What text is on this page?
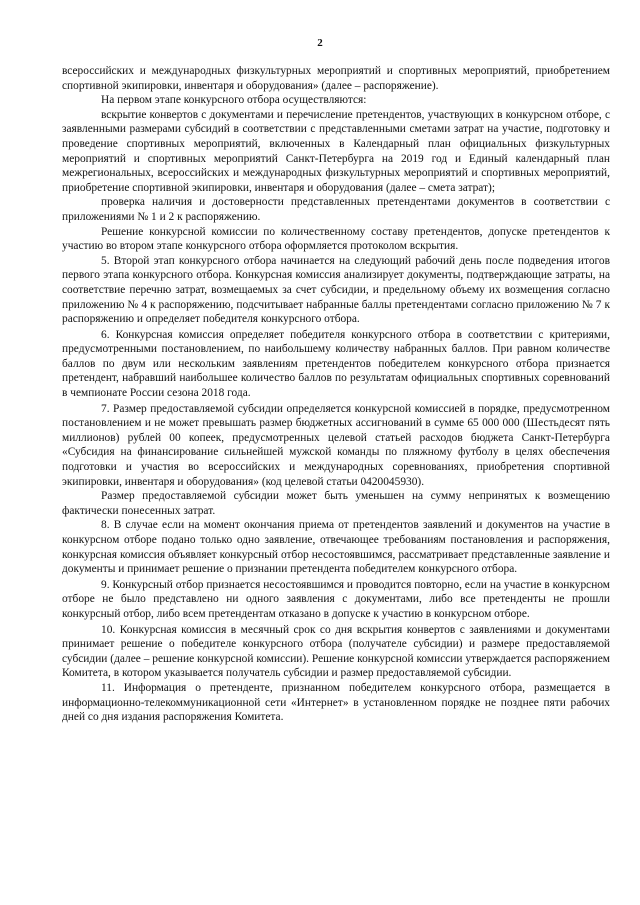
2

всероссийских и международных физкультурных мероприятий и спортивных мероприятий, приобретением спортивной экипировки, инвентаря и оборудования» (далее – распоряжение).

На первом этапе конкурсного отбора осуществляются:

вскрытие конвертов с документами и перечисление претендентов, участвующих в конкурсном отборе, с заявленными размерами субсидий в соответствии с представленными сметами затрат на участие, подготовку и проведение спортивных мероприятий, включенных в Календарный план официальных физкультурных мероприятий и спортивных мероприятий Санкт-Петербурга на 2019 год и Единый календарный план межрегиональных, всероссийских и международных физкультурных мероприятий и спортивных мероприятий, приобретение спортивной экипировки, инвентаря и оборудования (далее – смета затрат);

проверка наличия и достоверности представленных претендентами документов в соответствии с приложениями № 1 и 2 к распоряжению.

Решение конкурсной комиссии по количественному составу претендентов, допуске претендентов к участию во втором этапе конкурсного отбора оформляется протоколом вскрытия.

5. Второй этап конкурсного отбора начинается на следующий рабочий день после подведения итогов первого этапа конкурсного отбора. Конкурсная комиссия анализирует документы, подтверждающие затраты, на соответствие перечню затрат, возмещаемых за счет субсидии, и предельному объему их возмещения согласно приложению № 4 к распоряжению, подсчитывает набранные баллы претендентами согласно приложению № 7 к распоряжению и определяет победителя конкурсного отбора.

6. Конкурсная комиссия определяет победителя конкурсного отбора в соответствии с критериями, предусмотренными постановлением, по наибольшему количеству набранных баллов. При равном количестве баллов по двум или нескольким заявлениям претендентов победителем конкурсного отбора признается претендент, набравший наибольшее количество баллов по результатам официальных спортивных соревнований в чемпионате России сезона 2018 года.

7. Размер предоставляемой субсидии определяется конкурсной комиссией в порядке, предусмотренном постановлением и не может превышать размер бюджетных ассигнований в сумме 65 000 000 (Шестьдесят пять миллионов) рублей 00 копеек, предусмотренных целевой статьей расходов бюджета Санкт-Петербурга «Субсидия на финансирование сильнейшей мужской команды по пляжному футболу в целях обеспечения подготовки и участия во всероссийских и международных соревнованиях, приобретения спортивной экипировки, инвентаря и оборудования» (код целевой статьи 0420045930).

Размер предоставляемой субсидии может быть уменьшен на сумму непринятых к возмещению фактически понесенных затрат.

8. В случае если на момент окончания приема от претендентов заявлений и документов на участие в конкурсном отборе подано только одно заявление, отвечающее требованиям постановления и распоряжения, конкурсная комиссия объявляет конкурсный отбор несостоявшимся, рассматривает представленные заявление и документы и принимает решение о признании претендента победителем конкурсного отбора.

9. Конкурсный отбор признается несостоявшимся и проводится повторно, если на участие в конкурсном отборе не было представлено ни одного заявления с документами, либо все претенденты не прошли конкурсный отбор, либо всем претендентам отказано в допуске к участию в конкурсном отборе.

10. Конкурсная комиссия в месячный срок со дня вскрытия конвертов с заявлениями и документами принимает решение о победителе конкурсного отбора (получателе субсидии) и размере предоставляемой субсидии (далее – решение конкурсной комиссии). Решение конкурсной комиссии утверждается распоряжением Комитета, в котором указывается получатель субсидии и размер предоставляемой субсидии.

11. Информация о претенденте, признанном победителем конкурсного отбора, размещается в информационно-телекоммуникационной сети «Интернет» в установленном порядке не позднее пяти рабочих дней со дня издания распоряжения Комитета.
